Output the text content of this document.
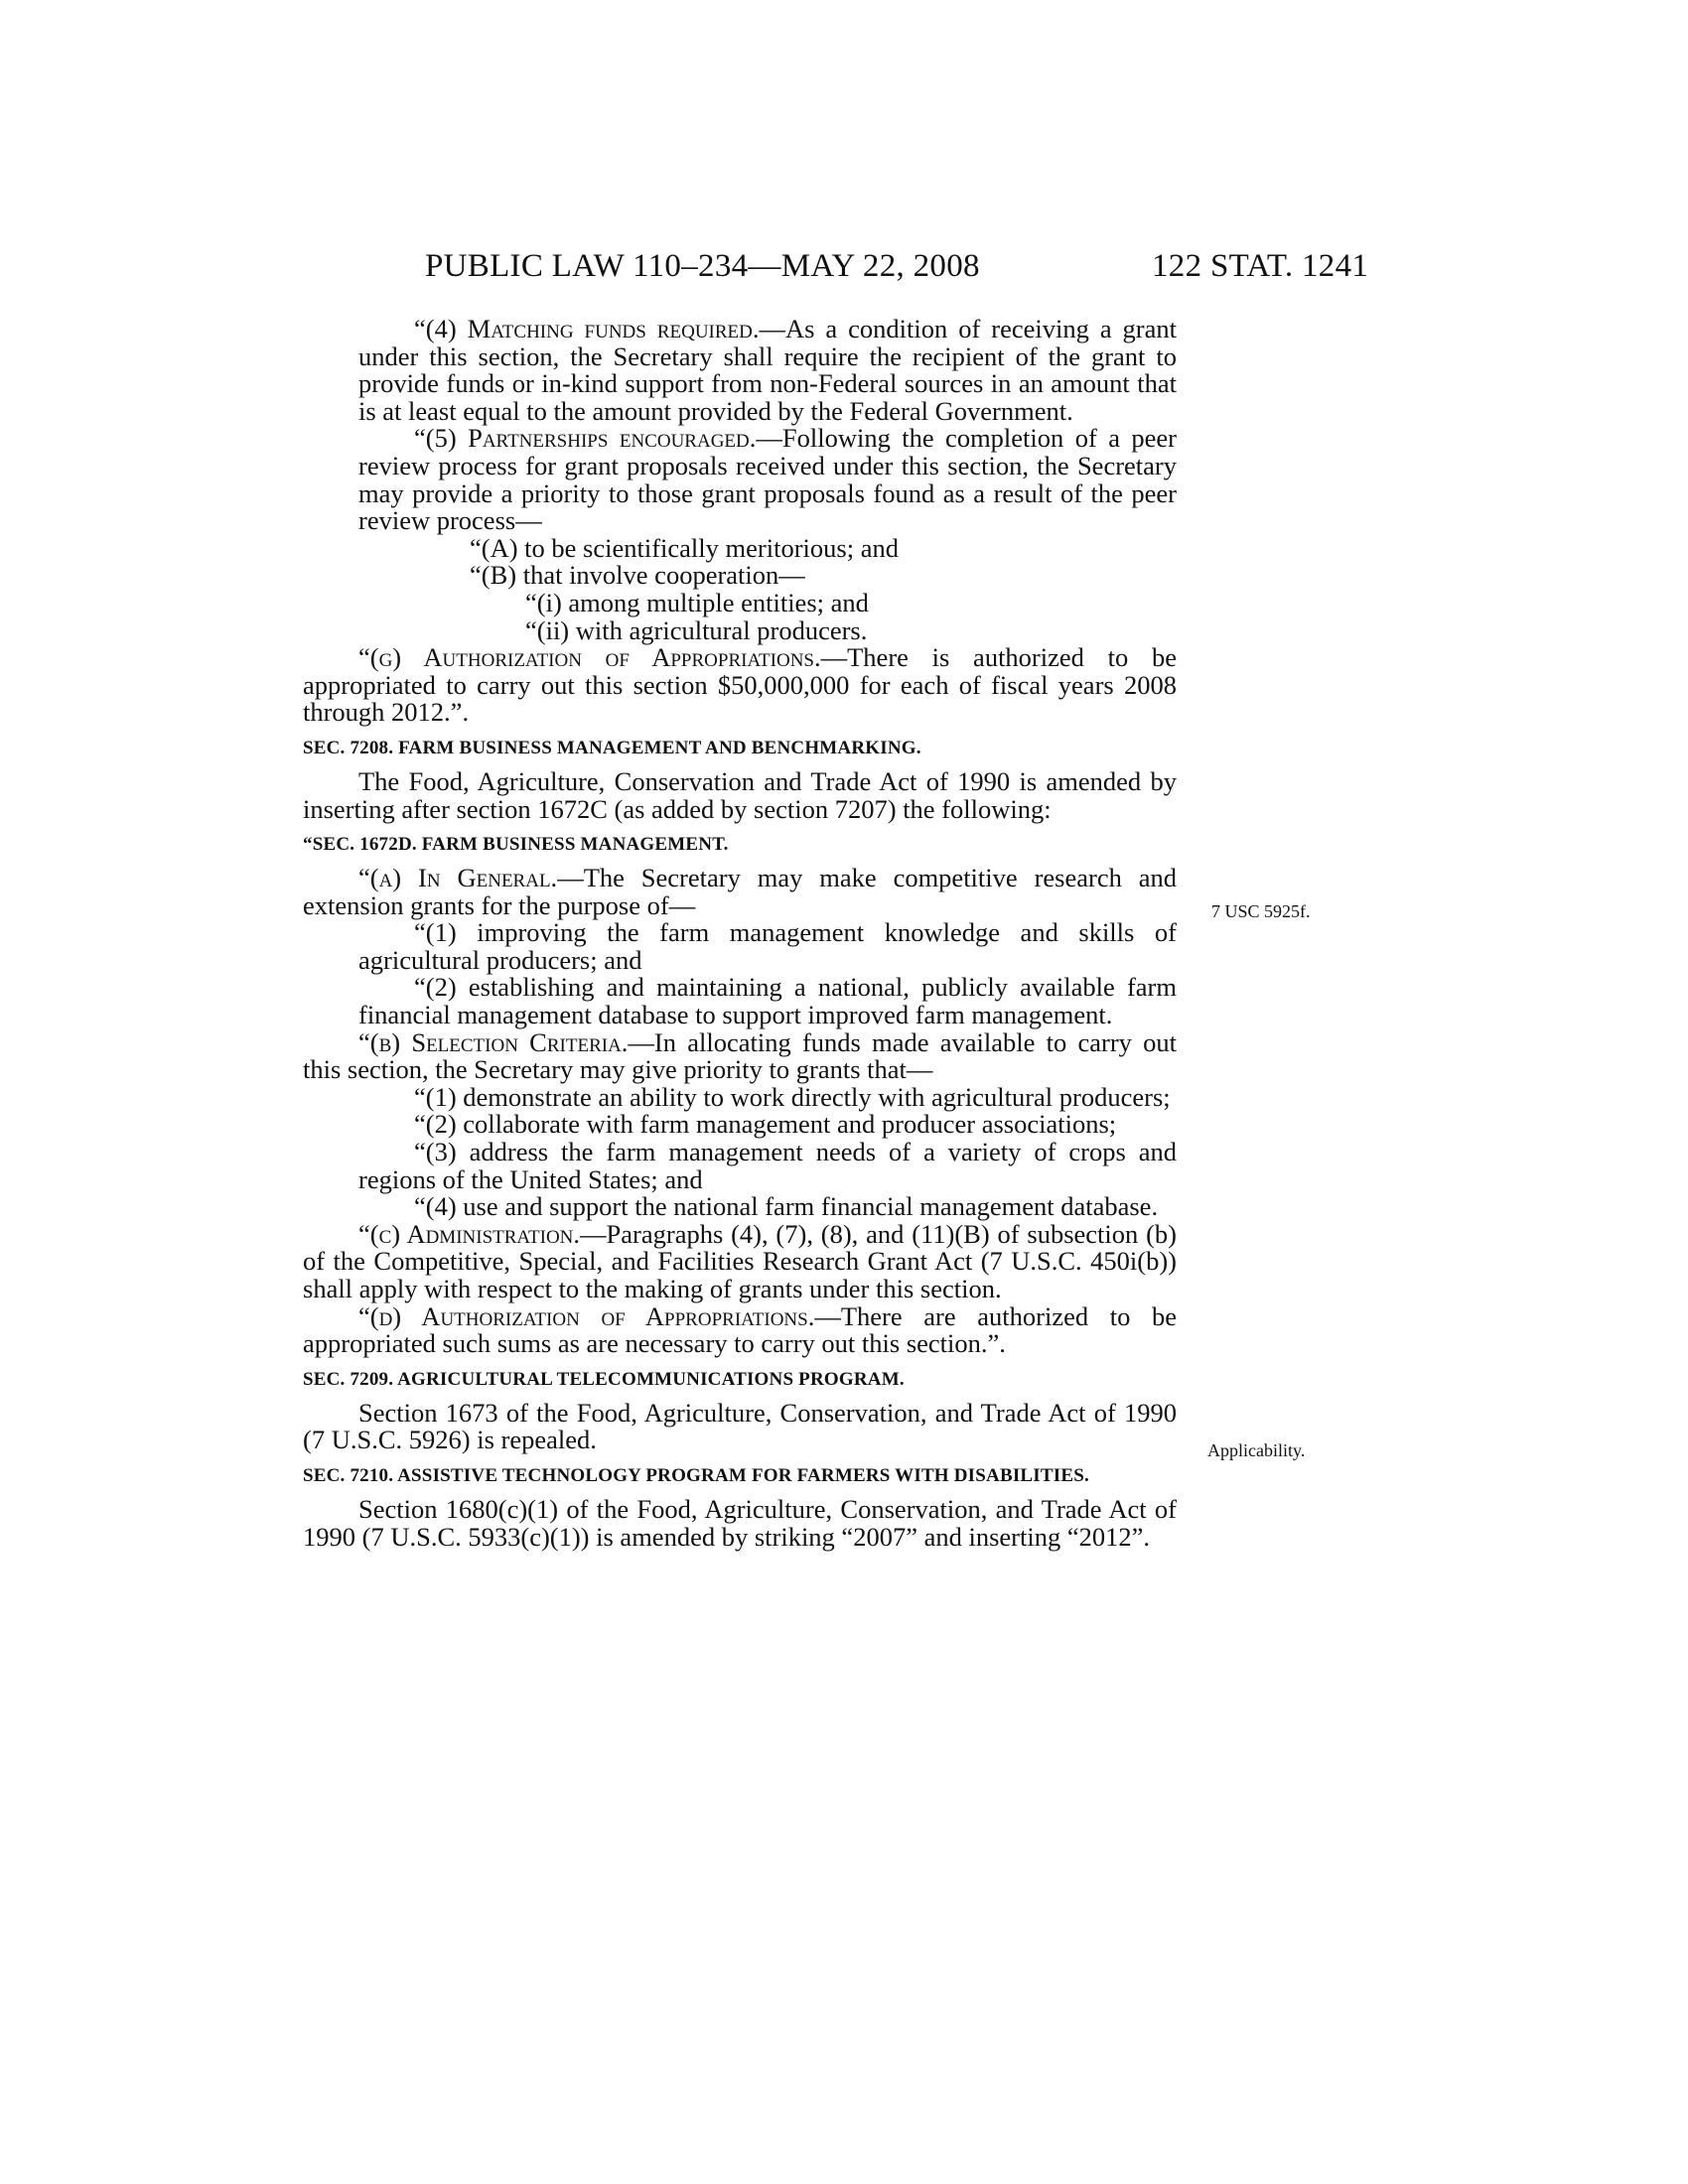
PUBLIC LAW 110–234—MAY 22, 2008	122 STAT. 1241
7 USC 5925f.
Applicability.

“(4) Matching funds required.—As a condition of receiving a grant under this section, the Secretary shall require the recipient of the grant to provide funds or in-kind support from non-Federal sources in an amount that is at least equal to the amount provided by the Federal Government.

“(5) Partnerships encouraged.—Following the completion of a peer review process for grant proposals received under this section, the Secretary may provide a priority to those grant proposals found as a result of the peer review process—

“(A) to be scientifically meritorious; and

“(B) that involve cooperation—

“(i) among multiple entities; and

“(ii) with agricultural producers.

“(g) Authorization of Appropriations.—There is authorized to be appropriated to carry out this section $50,000,000 for each of fiscal years 2008 through 2012.”.

SEC. 7208. FARM BUSINESS MANAGEMENT AND BENCHMARKING.

The Food, Agriculture, Conservation and Trade Act of 1990 is amended by inserting after section 1672C (as added by section 7207) the following:

“SEC. 1672D. FARM BUSINESS MANAGEMENT.

“(a) In General.—The Secretary may make competitive research and extension grants for the purpose of—

“(1) improving the farm management knowledge and skills of agricultural producers; and

“(2) establishing and maintaining a national, publicly available farm financial management database to support improved farm management.

“(b) Selection Criteria.—In allocating funds made available to carry out this section, the Secretary may give priority to grants that—

“(1) demonstrate an ability to work directly with agricultural producers;

“(2) collaborate with farm management and producer associations;

“(3) address the farm management needs of a variety of crops and regions of the United States; and

“(4) use and support the national farm financial management database.

“(c) Administration.—Paragraphs (4), (7), (8), and (11)(B) of subsection (b) of the Competitive, Special, and Facilities Research Grant Act (7 U.S.C. 450i(b)) shall apply with respect to the making of grants under this section.

“(d) Authorization of Appropriations.—There are authorized to be appropriated such sums as are necessary to carry out this section.”.

SEC. 7209. AGRICULTURAL TELECOMMUNICATIONS PROGRAM.

Section 1673 of the Food, Agriculture, Conservation, and Trade Act of 1990 (7 U.S.C. 5926) is repealed.

SEC. 7210. ASSISTIVE TECHNOLOGY PROGRAM FOR FARMERS WITH DISABILITIES.

Section 1680(c)(1) of the Food, Agriculture, Conservation, and Trade Act of 1990 (7 U.S.C. 5933(c)(1)) is amended by striking “2007” and inserting “2012”.
